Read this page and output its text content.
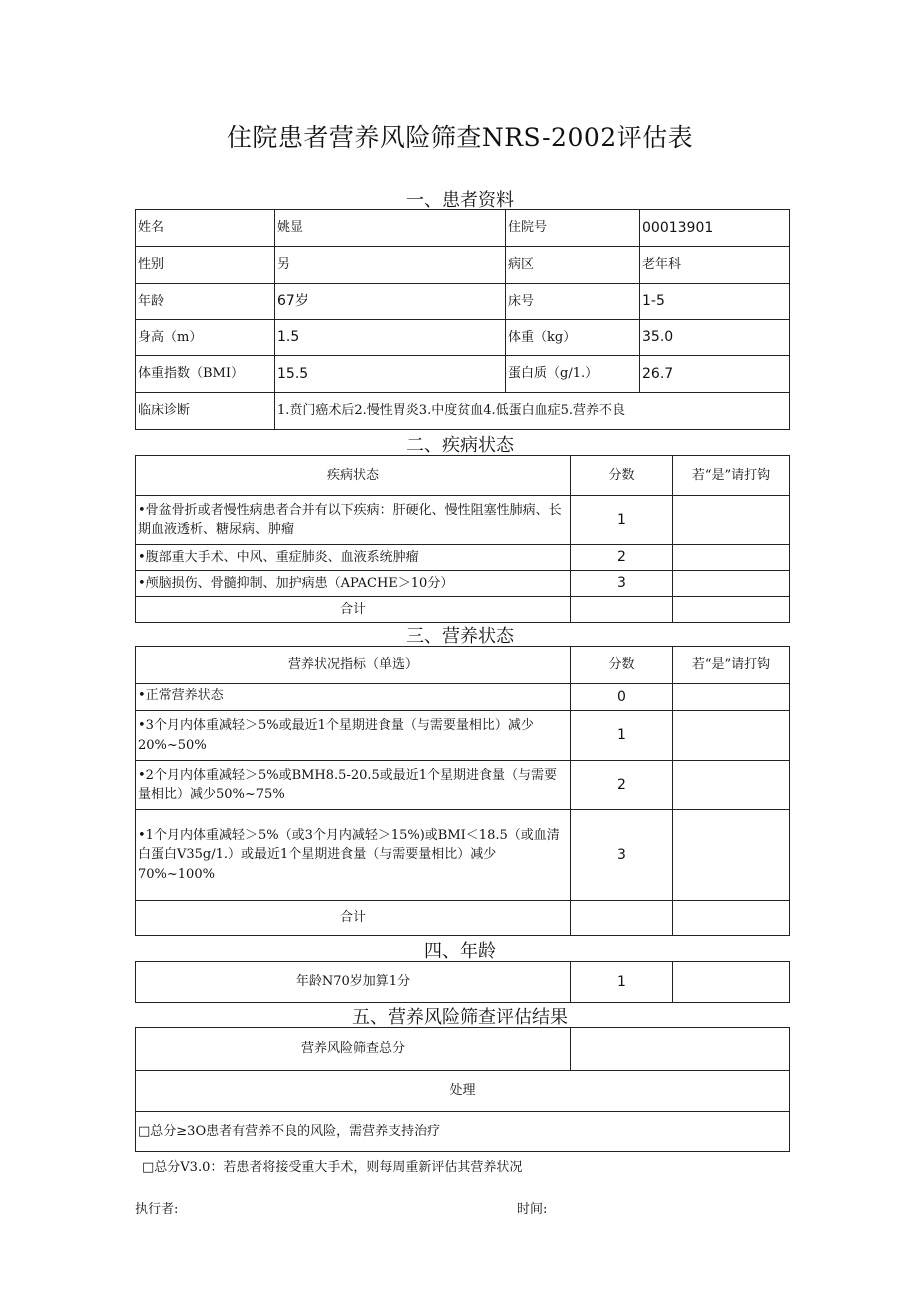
住院患者营养风险筛查NRS-2002评估表
一、患者资料
姓名	姚显	住院号	00013901
性别	另	病区	老年科
年龄	67岁	床号	1-5
身高（m）	1.5	体重（kg）	35.0
体重指数（BMI）	15.5	蛋白质（g∕1.）	26.7
临床诊断	1.贲门癌术后2.慢性胃炎3.中度贫血4.低蛋白血症5.营养不良		
二、疾病状态
疾病状态	分数	若“是”请打钩
•骨盆骨折或者慢性病患者合并有以下疾病：肝硬化、慢性阻塞性肺病、长期血液透析、糖尿病、肿瘤	1	
•腹部重大手术、中风、重症肺炎、血液系统肿瘤	2	
•颅脑损伤、骨髓抑制、加护病患（APACHE＞10分）	3	
合计		
三、营养状态
营养状况指标（单选）	分数	若“是”请打钩
•正常营养状态	0	
•3个月内体重减轻＞5%或最近1个星期进食量（与需要量相比）减少20%~50%	1	
•2个月内体重减轻＞5%或BMH8.5-20.5或最近1个星期进食量（与需要量相比）减少50%~75%	2	
•1个月内体重减轻＞5%（或3个月内减轻＞15%)或BMI＜18.5（或血清白蛋白V35g∕1.）或最近1个星期进食量（与需要量相比）减少70%~100%	3	
合计		
四、年龄
年龄N70岁加算1分	1	
五、营养风险筛查评估结果
营养风险筛查总分	
处理
□总分≥3O患者有营养不良的风险，需营养支持治疗
□总分V3.0：若患者将接受重大手术，则每周重新评估其营养状况
执行者:	时间:
